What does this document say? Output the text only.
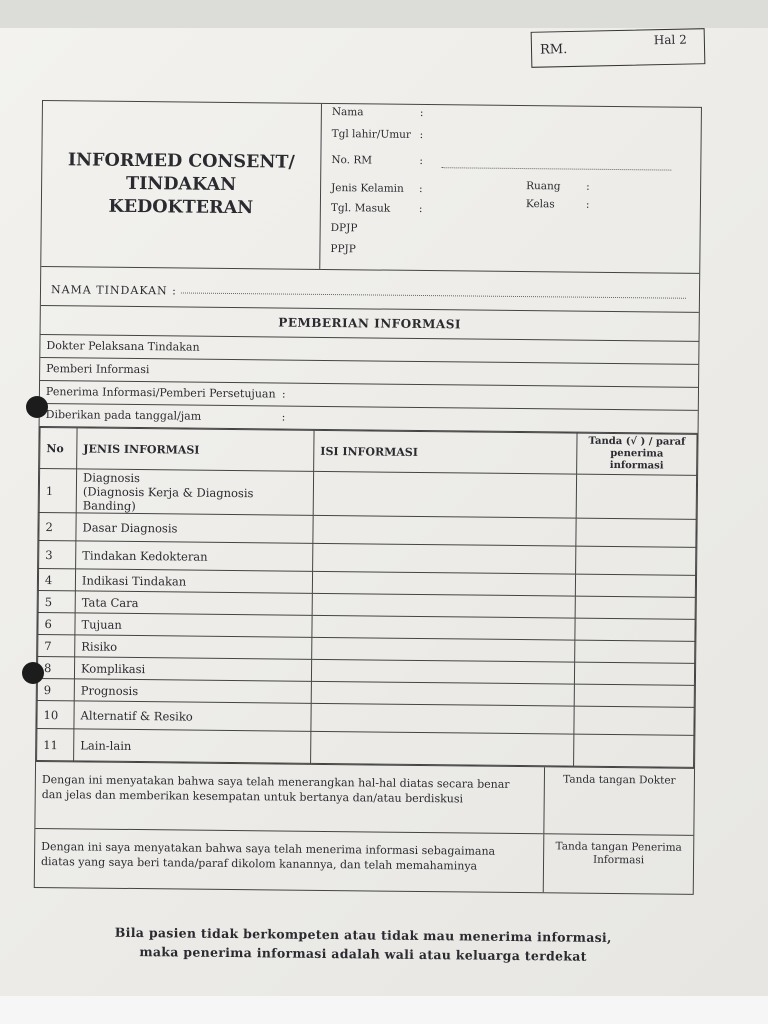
RM.
Hal 2
INFORMED CONSENT/
TINDAKAN
KEDOKTERAN
Nama	:
Tgl lahir/Umur :
No. RM	:
Jenis Kelamin :
Tgl. Masuk	:
DPJP
PPJP
Ruang :
Kelas	:
NAMA TINDAKAN :
PEMBERIAN INFORMASI
Dokter Pelaksana Tindakan
Pemberi Informasi
Penerima Informasi/Pemberi Persetujuan :
Diberikan pada tanggal/jam	:
No	JENIS INFORMASI	ISI INFORMASI	Tanda (√ ) / paraf penerima informasi
1	Diagnosis
(Diagnosis Kerja & Diagnosis Banding)		

2	Dasar Diagnosis		

3	Tindakan Kedokteran		

4	Indikasi Tindakan		

5	Tata Cara		

6	Tujuan		

7	Risiko		

8	Komplikasi		

9	Prognosis		

10	Alternatif & Resiko		

11	Lain-lain		

Dengan ini menyatakan bahwa saya telah menerangkan hal-hal diatas secara benar dan jelas dan memberikan kesempatan untuk bertanya dan/atau berdiskusi
Tanda tangan Dokter
Dengan ini saya menyatakan bahwa saya telah menerima informasi sebagaimana diatas yang saya beri tanda/paraf dikolom kanannya, dan telah memahaminya
Tanda tangan Penerima Informasi
Bila pasien tidak berkompeten atau tidak mau menerima informasi,
maka penerima informasi adalah wali atau keluarga terdekat
